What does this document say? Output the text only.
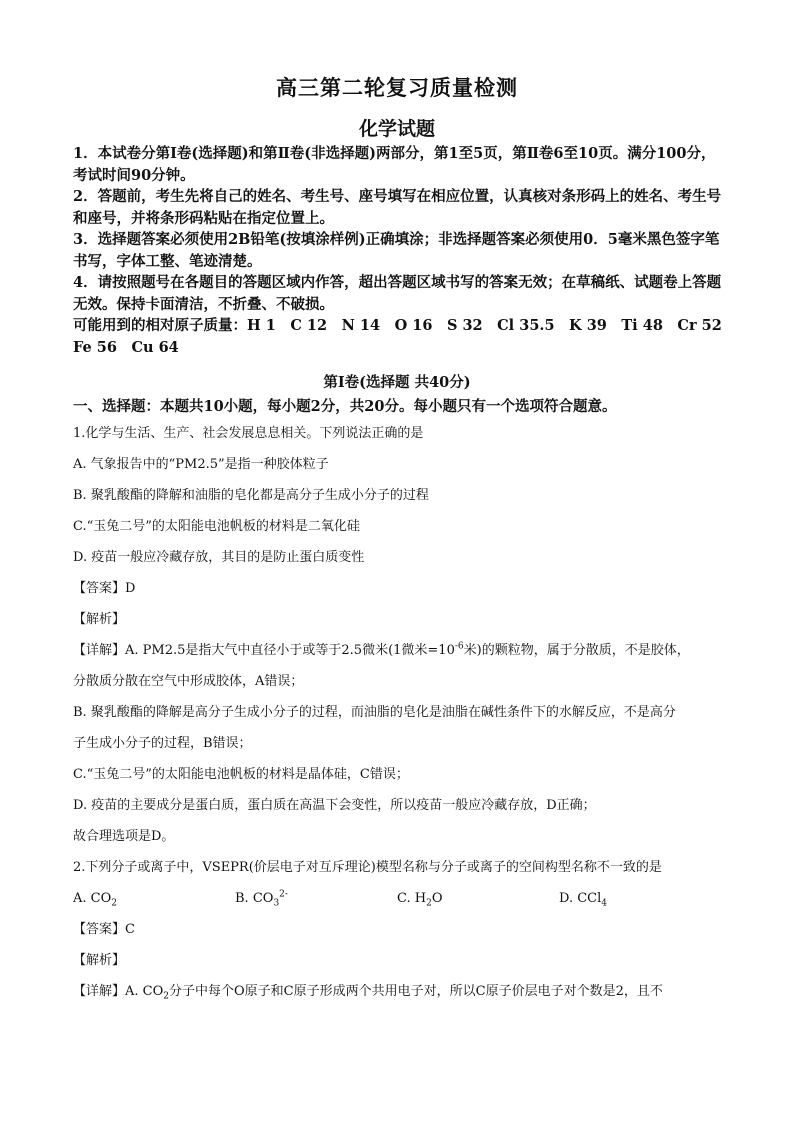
高三第二轮复习质量检测
化学试题

1．本试卷分第Ⅰ卷(选择题)和第Ⅱ卷(非选择题)两部分，第1至5页，第Ⅱ卷6至10页。满分100分，考试时间90分钟。

2．答题前，考生先将自己的姓名、考生号、座号填写在相应位置，认真核对条形码上的姓名、考生号和座号，并将条形码粘贴在指定位置上。

3．选择题答案必须使用2B铅笔(按填涂样例)正确填涂；非选择题答案必须使用0．5毫米黑色签字笔书写，字体工整、笔迹清楚。

4．请按照题号在各题目的答题区域内作答，超出答题区域书写的答案无效；在草稿纸、试题卷上答题无效。保持卡面清洁，不折叠、不破损。

可能用到的相对原子质量：H 1　C 12　N 14　O 16　S 32　Cl 35.5　K 39　Ti 48　Cr 52　Fe 56　Cu 64

第Ⅰ卷(选择题 共40分)
一、选择题：本题共10小题，每小题2分，共20分。每小题只有一个选项符合题意。

1.化学与生活、生产、社会发展息息相关。下列说法正确的是

A. 气象报告中的“PM2.5”是指一种胶体粒子

B. 聚乳酸酯的降解和油脂的皂化都是高分子生成小分子的过程

C.“玉兔二号”的太阳能电池帆板的材料是二氧化硅

D. 疫苗一般应冷藏存放，其目的是防止蛋白质变性

【答案】D

【解析】

【详解】A. PM2.5是指大气中直径小于或等于2.5微米(1微米$=10^{-6}$米)的颗粒物，属于分散质，不是胶体，

分散质分散在空气中形成胶体，A错误；

B. 聚乳酸酯的降解是高分子生成小分子的过程，而油脂的皂化是油脂在碱性条件下的水解反应，不是高分

子生成小分子的过程，B错误；

C.“玉兔二号”的太阳能电池帆板的材料是晶体硅，C错误；

D. 疫苗的主要成分是蛋白质，蛋白质在高温下会变性，所以疫苗一般应冷藏存放，D正确；

故合理选项是D。

2.下列分子或离子中，VSEPR(价层电子对互斥理论)模型名称与分子或离子的空间构型名称不一致的是

A. $CO_2$	B. $CO_3^{2-}$	C. $H_2O$	D. CCl$_4$

【答案】C

【解析】

【详解】A. $CO_2$分子中每个O原子和C原子形成两个共用电子对，所以C原子价层电子对个数是2，且不
